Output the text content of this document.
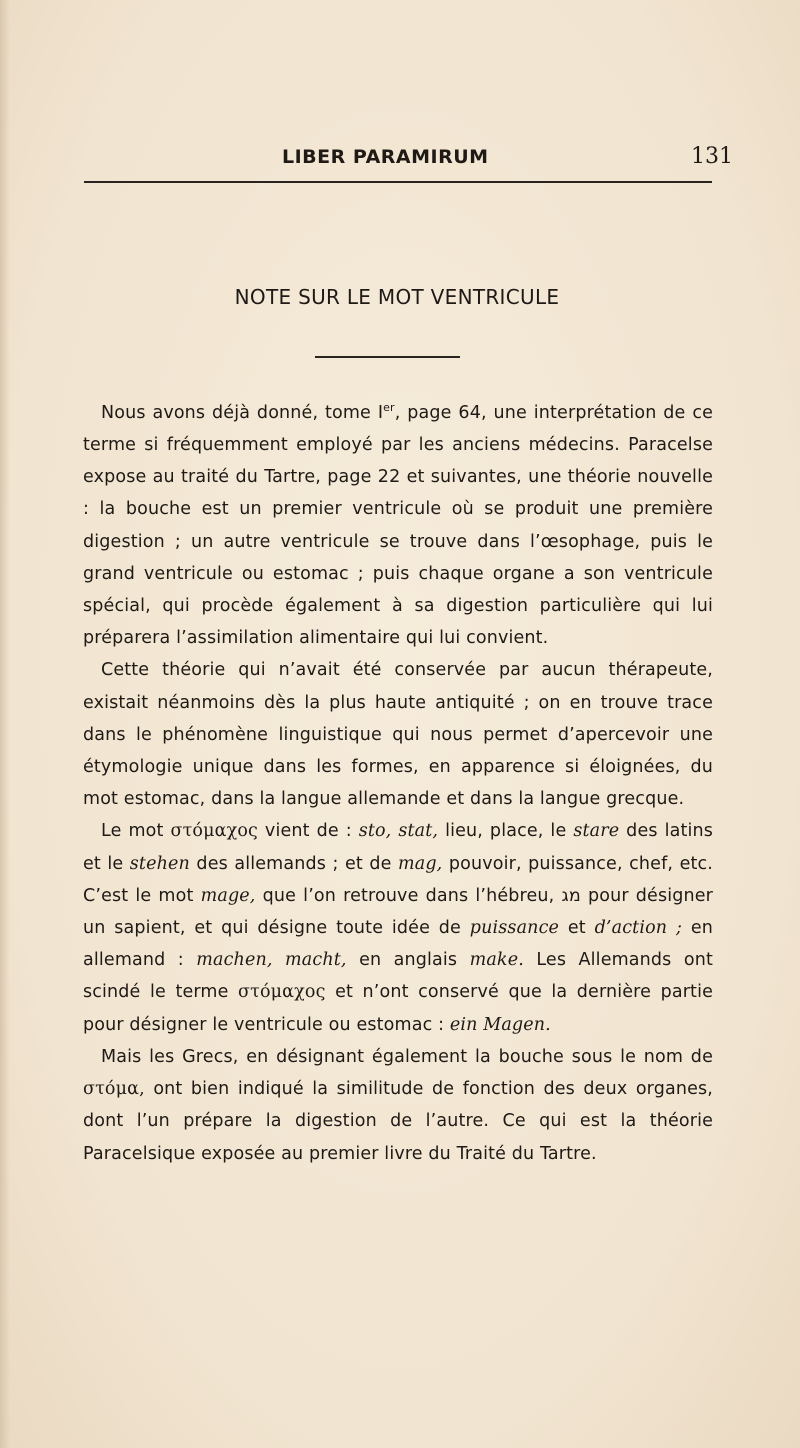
LIBER PARAMIRUM	131
NOTE SUR LE MOT VENTRICULE

Nous avons déjà donné, tome Ier, page 64, une interprétation de ce terme si fréquemment employé par les anciens médecins. Paracelse expose au traité du Tartre, page 22 et suivantes, une théorie nouvelle : la bouche est un premier ventricule où se produit une première digestion ; un autre ventricule se trouve dans l’œsophage, puis le grand ventricule ou estomac ; puis chaque organe a son ventricule spécial, qui procède également à sa digestion particulière qui lui préparera l’assimilation alimentaire qui lui convient.

Cette théorie qui n’avait été conservée par aucun thérapeute, existait néanmoins dès la plus haute antiquité ; on en trouve trace dans le phénomène linguistique qui nous permet d’apercevoir une étymologie unique dans les formes, en apparence si éloignées, du mot estomac, dans la langue allemande et dans la langue grecque.

Le mot στόμαχος vient de : sto, stat, lieu, place, le stare des latins et le stehen des allemands ; et de mag, pouvoir, puissance, chef, etc. C’est le mot mage, que l’on retrouve dans l’hébreu, מג pour désigner un sapient, et qui désigne toute idée de puissance et d’action ; en allemand : machen, macht, en anglais make. Les Allemands ont scindé le terme στόμαχος et n’ont conservé que la dernière partie pour désigner le ventricule ou estomac : ein Magen.

Mais les Grecs, en désignant également la bouche sous le nom de στόμα, ont bien indiqué la similitude de fonction des deux organes, dont l’un prépare la digestion de l’autre. Ce qui est la théorie Paracelsique exposée au premier livre du Traité du Tartre.
